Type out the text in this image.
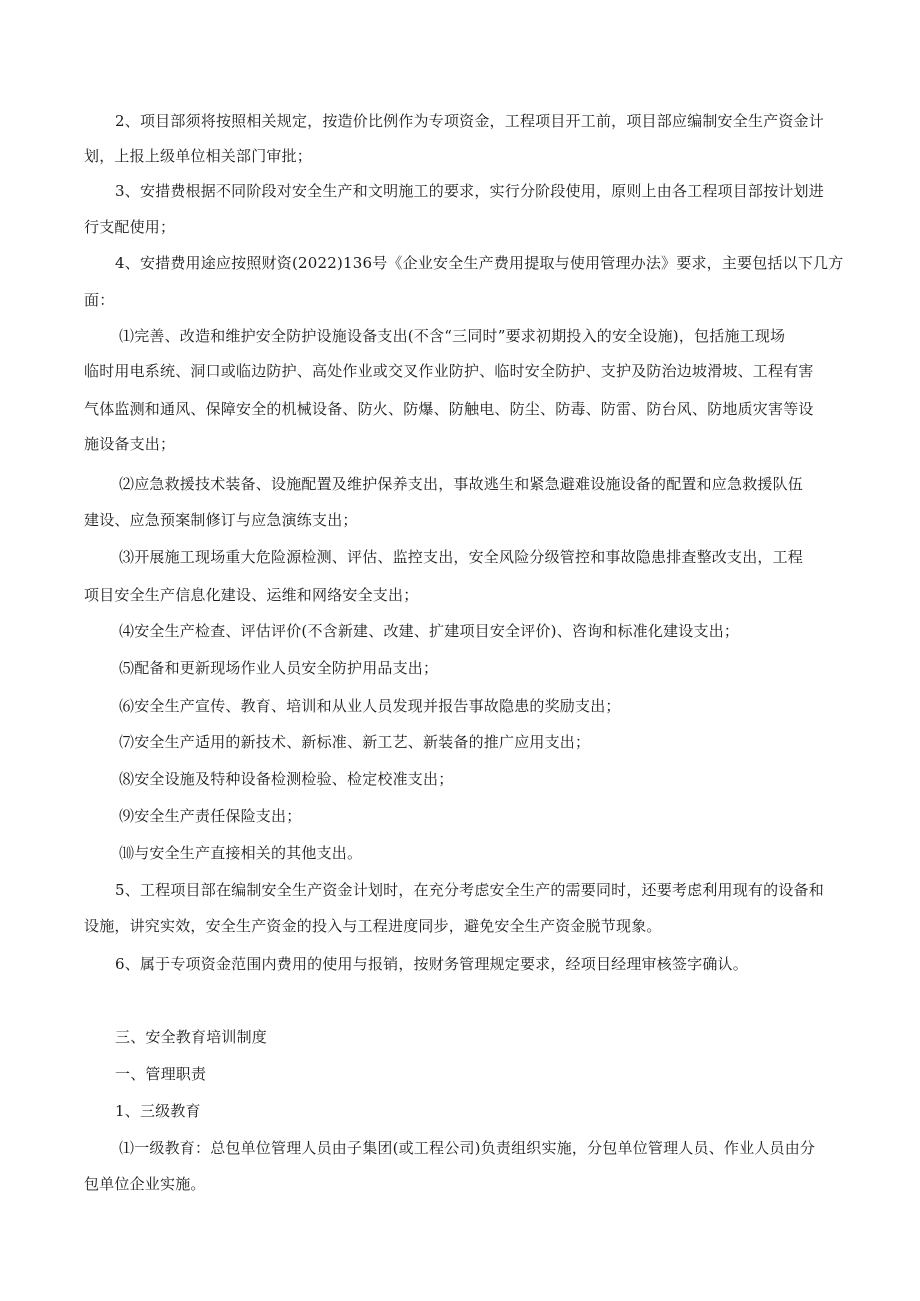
2、项目部须将按照相关规定，按造价比例作为专项资金，工程项目开工前，项目部应编制安全生产资金计
划，上报上级单位相关部门审批；
3、安措费根据不同阶段对安全生产和文明施工的要求，实行分阶段使用，原则上由各工程项目部按计划进
行支配使用；
4、安措费用途应按照财资(2022)136号《企业安全生产费用提取与使用管理办法》要求，主要包括以下几方
面：
⑴完善、改造和维护安全防护设施设备支出(不含“三同时”要求初期投入的安全设施)，包括施工现场
临时用电系统、洞口或临边防护、高处作业或交叉作业防护、临时安全防护、支护及防治边坡滑坡、工程有害
气体监测和通风、保障安全的机械设备、防火、防爆、防触电、防尘、防毒、防雷、防台风、防地质灾害等设
施设备支出；
⑵应急救援技术装备、设施配置及维护保养支出，事故逃生和紧急避难设施设备的配置和应急救援队伍
建设、应急预案制修订与应急演练支出；
⑶开展施工现场重大危险源检测、评估、监控支出，安全风险分级管控和事故隐患排查整改支出，工程
项目安全生产信息化建设、运维和网络安全支出；
⑷安全生产检查、评估评价(不含新建、改建、扩建项目安全评价)、咨询和标准化建设支出；
⑸配备和更新现场作业人员安全防护用品支出；
⑹安全生产宣传、教育、培训和从业人员发现并报告事故隐患的奖励支出；
⑺安全生产适用的新技术、新标准、新工艺、新装备的推广应用支出；
⑻安全设施及特种设备检测检验、检定校准支出；
⑼安全生产责任保险支出；
⑽与安全生产直接相关的其他支出。
5、工程项目部在编制安全生产资金计划时，在充分考虑安全生产的需要同时，还要考虑利用现有的设备和
设施，讲究实效，安全生产资金的投入与工程进度同步，避免安全生产资金脱节现象。
6、属于专项资金范围内费用的使用与报销，按财务管理规定要求，经项目经理审核签字确认。
三、安全教育培训制度
一、管理职责
1、三级教育
⑴一级教育：总包单位管理人员由子集团(或工程公司)负责组织实施，分包单位管理人员、作业人员由分
包单位企业实施。
